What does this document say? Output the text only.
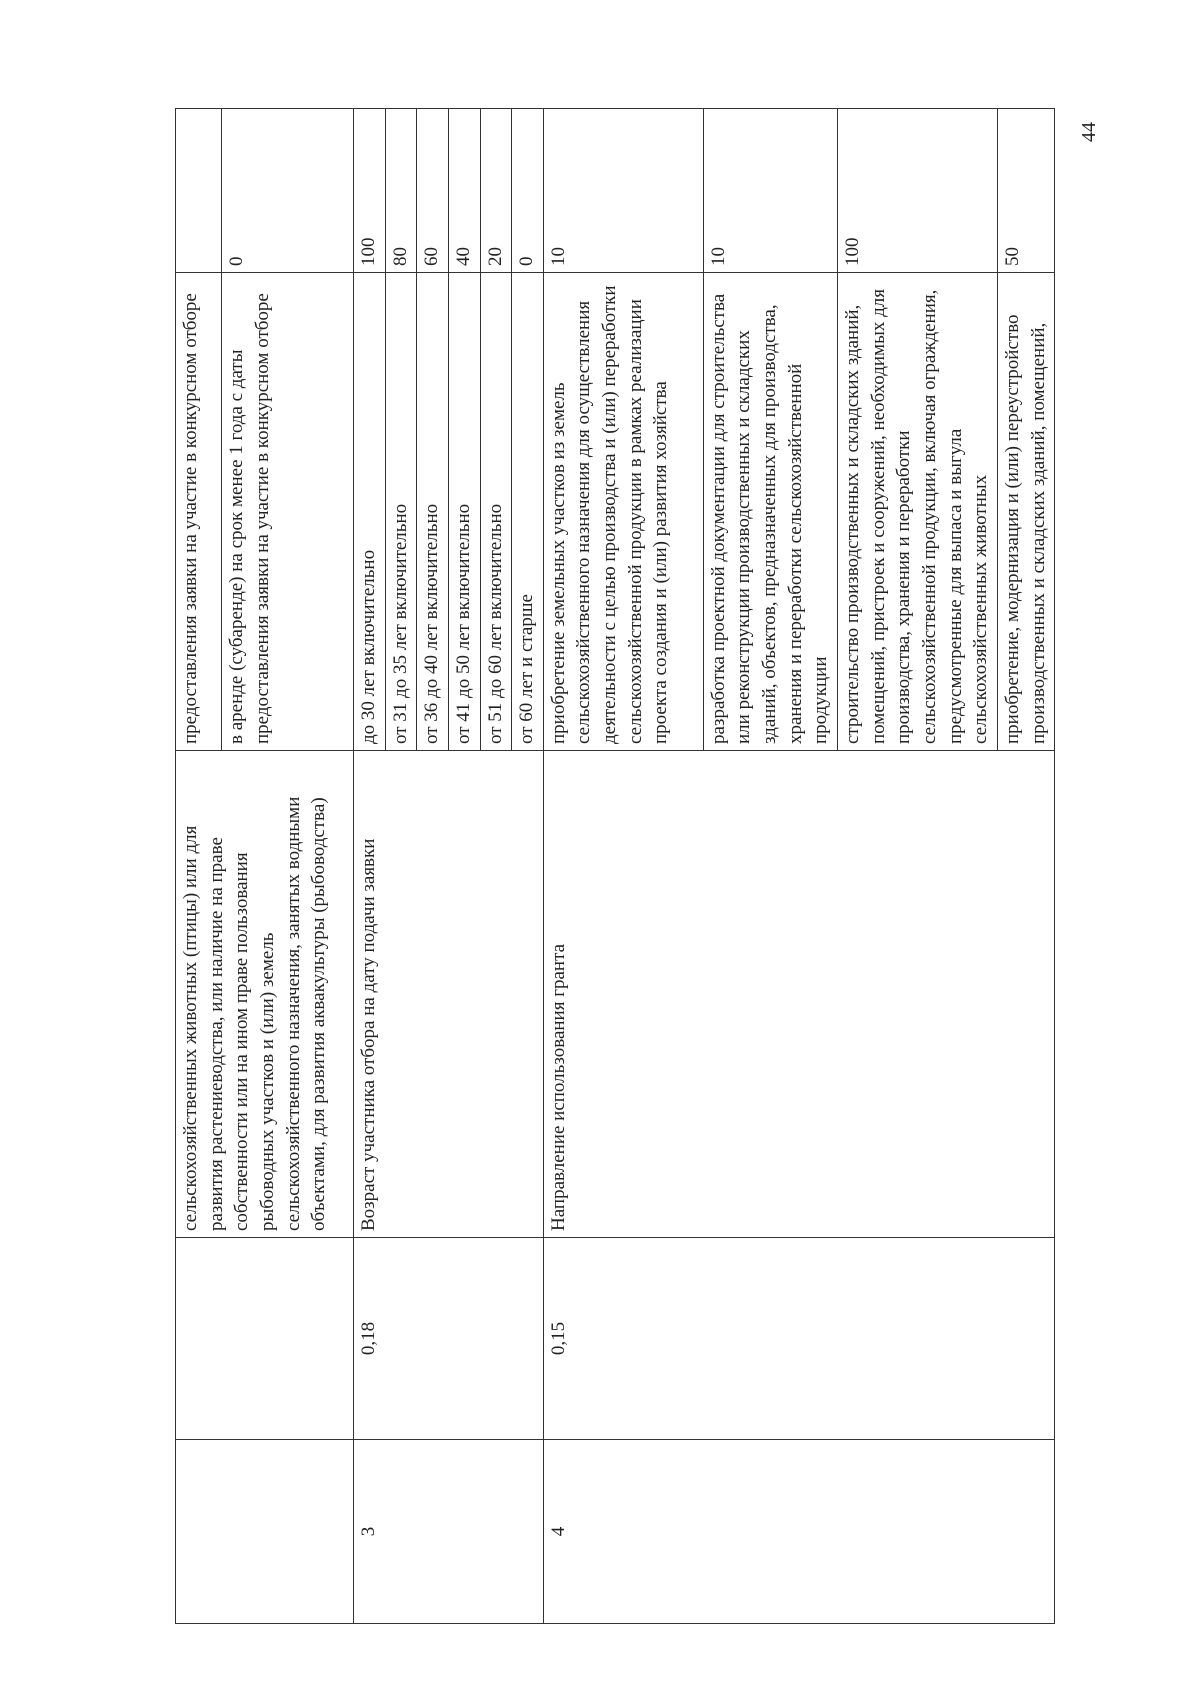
		сельскохозяйственных животных (птицы) или для развития растениеводства, или наличие на праве собственности или на ином праве пользования рыбоводных участков и (или) земель сельскохозяйственного назначения, занятых водными объектами, для развития аквакультуры (рыбоводства)	предоставления заявки на участие в конкурсном отборе	
			в аренде (субаренде) на срок менее 1 года с даты предоставления заявки на участие в конкурсном отборе	0
3	0,18	Возраст участника отбора на дату подачи заявки	до 30 лет включительно	100
			от 31 до 35 лет включительно	80
			от 36 до 40 лет включительно	60
			от 41 до 50 лет включительно	40
			от 51 до 60 лет включительно	20
			от 60 лет и старше	0
4	0,15	Направление использования гранта	приобретение земельных участков из земель сельскохозяйственного назначения для осуществления деятельности с целью производства и (или) переработки сельскохозяйственной продукции в рамках реализации проекта создания и (или) развития хозяйства	10
			разработка проектной документации для строительства или реконструкции производственных и складских зданий, объектов, предназначенных для производства, хранения и переработки сельскохозяйственной продукции	10
			строительство производственных и складских зданий, помещений, пристроек и сооружений, необходимых для производства, хранения и переработки сельскохозяйственной продукции, включая ограждения, предусмотренные для выпаса и выгула сельскохозяйственных животных	100
			приобретение, модернизация и (или) переустройство производственных и складских зданий, помещений,	50
44
